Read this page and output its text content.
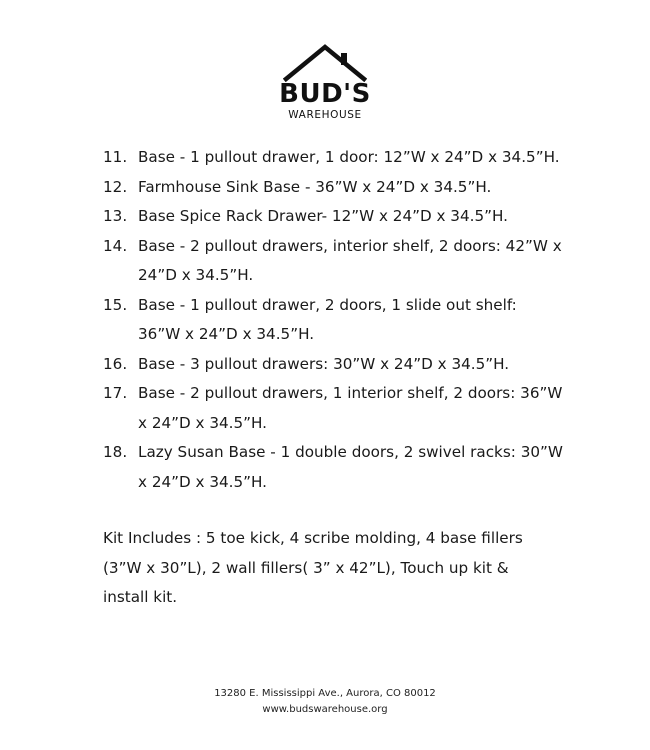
BUD'S
WAREHOUSE
11. Base - 1 pullout drawer, 1 door: 12”W x 24”D x 34.5”H.
12. Farmhouse Sink Base - 36”W x 24”D x 34.5”H.
13. Base Spice Rack Drawer- 12”W x 24”D x 34.5”H.
14. Base - 2 pullout drawers, interior shelf, 2 doors: 42”W x 24”D x 34.5”H.
15. Base - 1 pullout drawer, 2 doors, 1 slide out shelf: 36”W x 24”D x 34.5”H.
16. Base - 3 pullout drawers: 30”W x 24”D x 34.5”H.
17. Base - 2 pullout drawers, 1 interior shelf, 2 doors: 36”W x 24”D x 34.5”H.
18. Lazy Susan Base - 1 double doors, 2 swivel racks: 30”W x 24”D x 34.5”H.

Kit Includes : 5 toe kick, 4 scribe molding, 4 base fillers (3”W x 30”L), 2 wall fillers( 3” x 42”L), Touch up kit & install kit.

13280 E. Mississippi Ave., Aurora, CO 80012
www.budswarehouse.org
